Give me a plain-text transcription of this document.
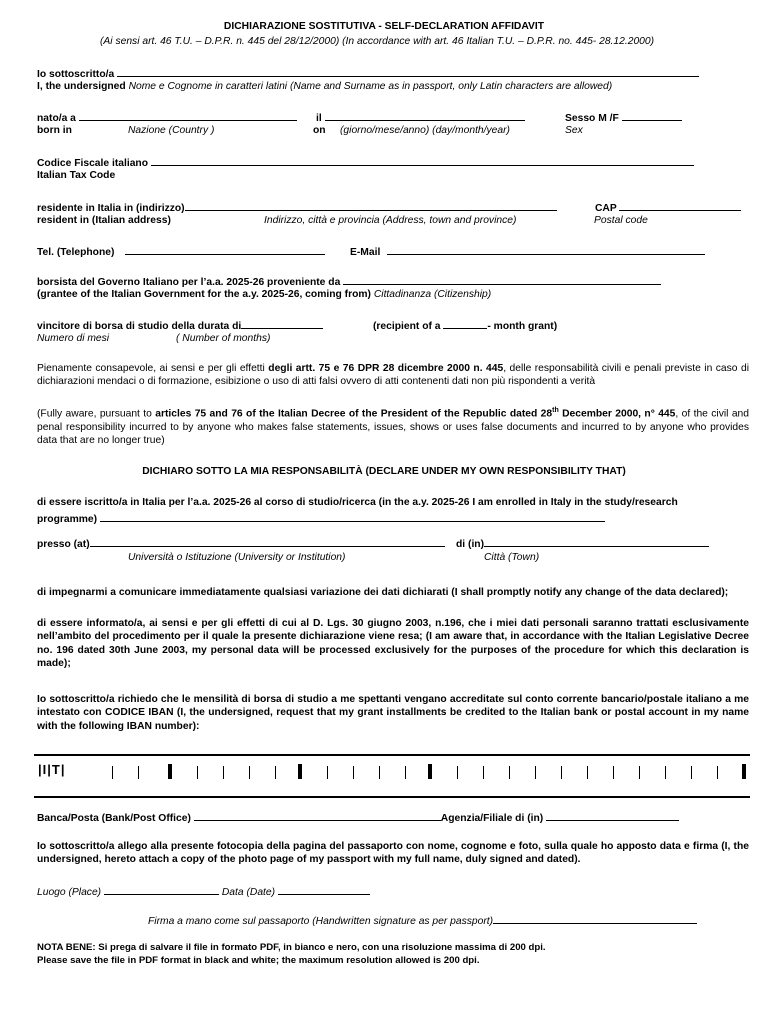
DICHIARAZIONE SOSTITUTIVA - SELF-DECLARATION AFFIDAVIT
(Ai sensi art. 46 T.U. – D.P.R. n. 445 del 28/12/2000) (In accordance with art. 46 Italian T.U. – D.P.R. no. 445- 28.12.2000)
Io sottoscritto/a
I, the undersigned Nome e Cognome in caratteri latini (Name and Surname as in passport, only Latin characters are allowed)
nato/a a	il	Sesso M /F
born in	Nazione (Country )	on (giorno/mese/anno) (day/month/year)	Sex
Codice Fiscale italiano
Italian Tax Code
residente in Italia in (indirizzo)	CAP
resident in (Italian address)	Indirizzo, città e provincia (Address, town and province)	Postal code
Tel. (Telephone)	E-Mail
borsista del Governo Italiano per l’a.a. 2025-26 proveniente da
(grantee of the Italian Government for the a.y. 2025-26, coming from) Cittadinanza (Citizenship)
vincitore di borsa di studio della durata di	(recipient of a	- month grant)
Numero di mesi	( Number of months)
Pienamente consapevole, ai sensi e per gli effetti degli artt. 75 e 76 DPR 28 dicembre 2000 n. 445, delle responsabilità civili e penali previste in caso di dichiarazioni mendaci o di formazione, esibizione o uso di atti falsi ovvero di atti contenenti dati non più rispondenti a verità
(Fully aware, pursuant to articles 75 and 76 of the Italian Decree of the President of the Republic dated 28th December 2000, n° 445, of the civil and penal responsibility incurred to by anyone who makes false statements, issues, shows or uses false documents and incurred to by anyone who provides data that are no longer true)
DICHIARO SOTTO LA MIA RESPONSABILITÀ (DECLARE UNDER MY OWN RESPONSIBILITY THAT)
di essere iscritto/a in Italia per l’a.a. 2025-26 al corso di studio/ricerca (in the a.y. 2025-26 I am enrolled in Italy in the study/research
programme)
presso (at)	di (in)
Università o Istituzione (University or Institution)	Città (Town)
di impegnarmi a comunicare immediatamente qualsiasi variazione dei dati dichiarati (I shall promptly notify any change of the data declared);
di essere informato/a, ai sensi e per gli effetti di cui al D. Lgs. 30 giugno 2003, n.196, che i miei dati personali saranno trattati esclusivamente nell’ambito del procedimento per il quale la presente dichiarazione viene resa; (I am aware that, in accordance with the Italian Legislative Decree no. 196 dated 30th June 2003, my personal data will be processed exclusively for the purposes of the procedure for which this declaration is made);
Io sottoscritto/a richiedo che le mensilità di borsa di studio a me spettanti vengano accreditate sul conto corrente bancario/postale italiano a me intestato con CODICE IBAN (I, the undersigned, request that my grant installments be credited to the Italian bank or postal account in my name with the following IBAN number):
|I|T|
Banca/Posta (Bank/Post Office)	Agenzia/Filiale di (in)
Io sottoscritto/a allego alla presente fotocopia della pagina del passaporto con nome, cognome e foto, sulla quale ho apposto data e firma (I, the undersigned, hereto attach a copy of the photo page of my passport with my full name, duly signed and dated).
Luogo (Place)	Data (Date)
Firma a mano come sul passaporto (Handwritten signature as per passport)
NOTA BENE: Si prega di salvare il file in formato PDF, in bianco e nero, con una risoluzione massima di 200 dpi.
Please save the file in PDF format in black and white; the maximum resolution allowed is 200 dpi.
